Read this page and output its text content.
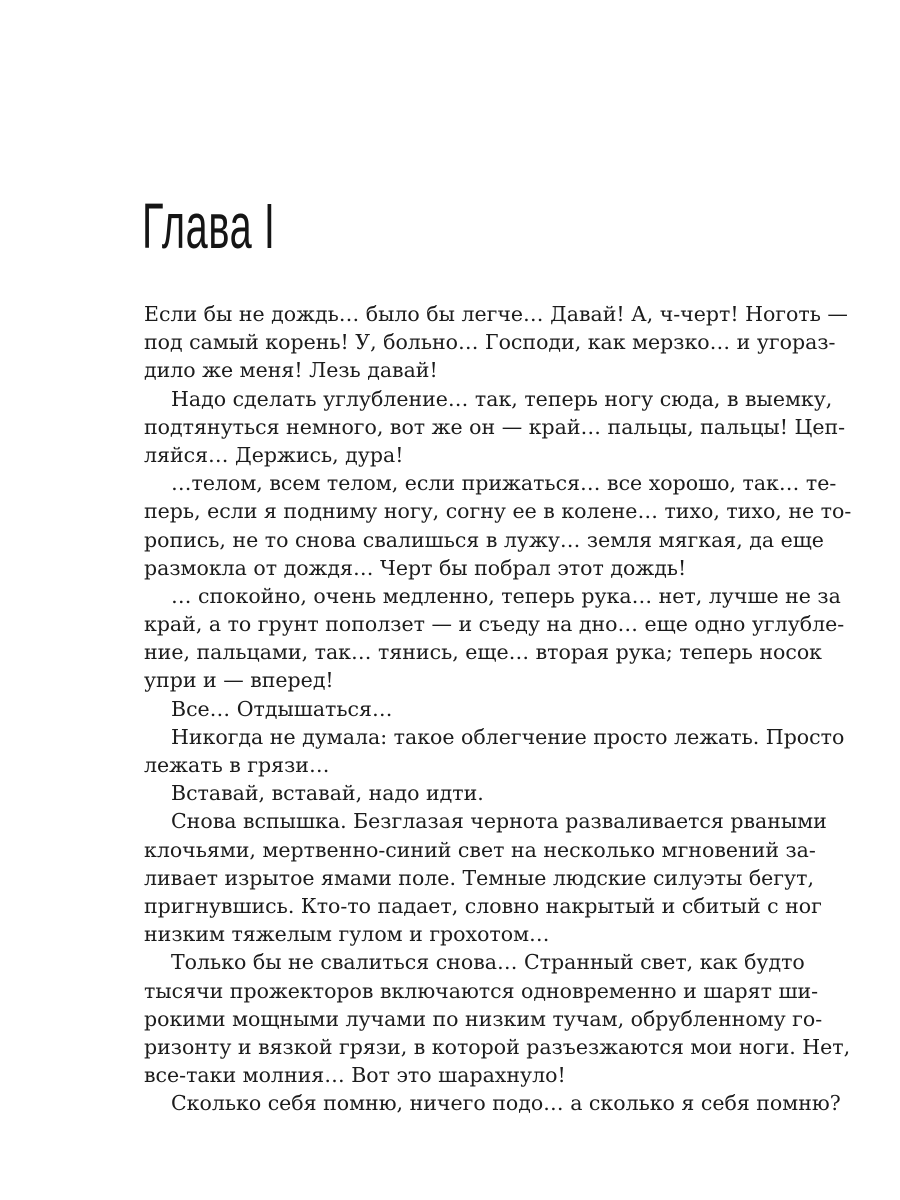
Глава I
Если бы не дождь… было бы легче… Давай! А, ч-черт! Ноготь —
под самый корень! У, больно… Господи, как мерзко… и угораз-
дило же меня! Лезь давай!
Надо сделать углубление… так, теперь ногу сюда, в выемку,
подтянуться немного, вот же он — край… пальцы, пальцы! Цеп-
ляйся… Держись, дура!
…телом, всем телом, если прижаться… все хорошо, так… те-
перь, если я подниму ногу, согну ее в колене… тихо, тихо, не то-
ропись, не то снова свалишься в лужу… земля мягкая, да еще
размокла от дождя… Черт бы побрал этот дождь!
… спокойно, очень медленно, теперь рука… нет, лучше не за
край, а то грунт поползет — и съеду на дно… еще одно углубле-
ние, пальцами, так… тянись, еще… вторая рука; теперь носок
упри и — вперед!
Все… Отдышаться…
Никогда не думала: такое облегчение просто лежать. Просто
лежать в грязи…
Вставай, вставай, надо идти.
Снова вспышка. Безглазая чернота разваливается рваными
клочьями, мертвенно-синий свет на несколько мгновений за-
ливает изрытое ямами поле. Темные людские силуэты бегут,
пригнувшись. Кто-то падает, словно накрытый и сбитый с ног
низким тяжелым гулом и грохотом…
Только бы не свалиться снова… Странный свет, как будто
тысячи прожекторов включаются одновременно и шарят ши-
рокими мощными лучами по низким тучам, обрубленному го-
ризонту и вязкой грязи, в которой разъезжаются мои ноги. Нет,
все-таки молния… Вот это шарахнуло!
Сколько себя помню, ничего подо… а сколько я себя помню?
